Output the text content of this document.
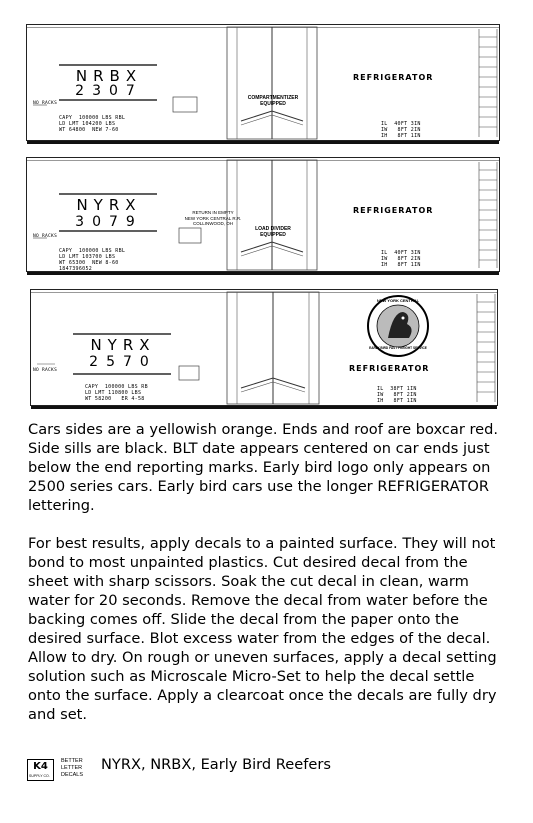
NRBX
2307
NO RACKS
CAPY  100000 LBS RBL
LD LMT 104200 LBS
WT 64800  NEW 7-60
COMPARTMENTIZER EQUIPPED
REFRIGERATOR
IL  40FT 3IN
IW   8FT 2IN
IH   8FT 1IN
NYRX
3079
NO RACKS
CAPY  100000 LBS RBL
LD LMT 103700 LBS
WT 65300  NEW 8-60
1847396052
RETURN IN EMPTY
NEW YORK CENTRAL R.R.
COLLINWOOD, OH
LOAD DIVIDER
EQUIPPED
REFRIGERATOR
IL  40FT 3IN
IW   8FT 2IN
IH   8FT 1IN
NYRX
2570
NO RACKS
CAPY  100000 LBS RB
LD LMT 110800 LBS
WT 58200   ER 4-58
NEW YORK CENTRAL
EARLY BIRD FAST FREIGHT SERVICE
REFRIGERATOR
IL  38FT 1IN
IW   8FT 2IN
IH   8FT 1IN

Cars sides are a yellowish orange. Ends and roof are boxcar red. Side sills are black. BLT date appears centered on car ends just below the end reporting marks. Early bird logo only appears on 2500 series cars. Early bird cars use the longer REFRIGERATOR lettering.

For best results, apply decals to a painted surface. They will not bond to most unpainted plastics. Cut desired decal from the sheet with sharp scissors. Soak the cut decal in clean, warm water for 20 seconds. Remove the decal from water before the backing comes off. Slide the decal from the paper onto the desired surface. Blot excess water from the edges of the decal. Allow to dry. On rough or uneven surfaces, apply a decal setting solution such as Microscale Micro-Set to help the decal settle onto the surface. Apply a clearcoat once the decals are fully dry and set.

K4
SUPPLY CO.
BETTER
LETTER
DECALS
NYRX, NRBX, Early Bird Reefers
